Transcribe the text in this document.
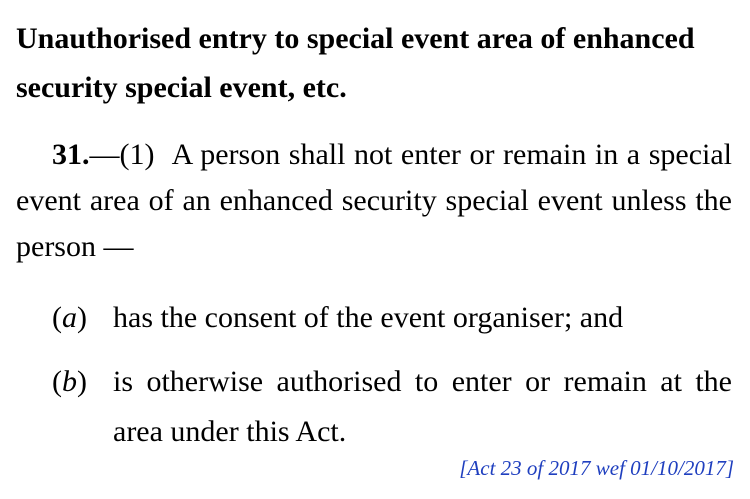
Unauthorised entry to special event area of enhanced security special event, etc.

31.—(1) A person shall not enter or remain in a special event area of an enhanced security special event unless the person —

(a) has the consent of the event organiser; and

(b) is otherwise authorised to enter or remain at the area under this Act.

[Act 23 of 2017 wef 01/10/2017]
